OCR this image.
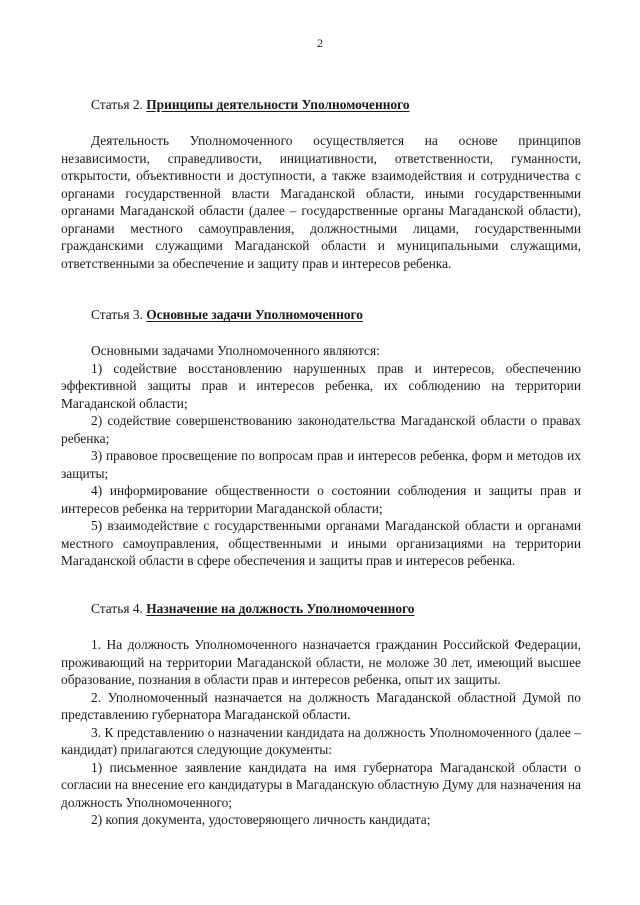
2
Статья 2. Принципы деятельности Уполномоченного

Деятельность Уполномоченного осуществляется на основе принципов независимости, справедливости, инициативности, ответственности, гуманности, открытости, объективности и доступности, а также взаимодействия и сотрудничества с органами государственной власти Магаданской области, иными государственными органами Магаданской области (далее – государственные органы Магаданской области), органами местного самоуправления, должностными лицами, государственными гражданскими служащими Магаданской области и муниципальными служащими, ответственными за обеспечение и защиту прав и интересов ребенка.

Статья 3. Основные задачи Уполномоченного

Основными задачами Уполномоченного являются:

1) содействие восстановлению нарушенных прав и интересов, обеспечению эффективной защиты прав и интересов ребенка, их соблюдению на территории Магаданской области;

2) содействие совершенствованию законодательства Магаданской области о правах ребенка;

3) правовое просвещение по вопросам прав и интересов ребенка, форм и методов их защиты;

4) информирование общественности о состоянии соблюдения и защиты прав и интересов ребенка на территории Магаданской области;

5) взаимодействие с государственными органами Магаданской области и органами местного самоуправления, общественными и иными организациями на территории Магаданской области в сфере обеспечения и защиты прав и интересов ребенка.

Статья 4. Назначение на должность Уполномоченного

1. На должность Уполномоченного назначается гражданин Российской Федерации, проживающий на территории Магаданской области, не моложе 30 лет, имеющий высшее образование, познания в области прав и интересов ребенка, опыт их защиты.

2. Уполномоченный назначается на должность Магаданской областной Думой по представлению губернатора Магаданской области.

3. К представлению о назначении кандидата на должность Уполномоченного (далее – кандидат) прилагаются следующие документы:

1) письменное заявление кандидата на имя губернатора Магаданской области о согласии на внесение его кандидатуры в Магаданскую областную Думу для назначения на должность Уполномоченного;

2) копия документа, удостоверяющего личность кандидата;
